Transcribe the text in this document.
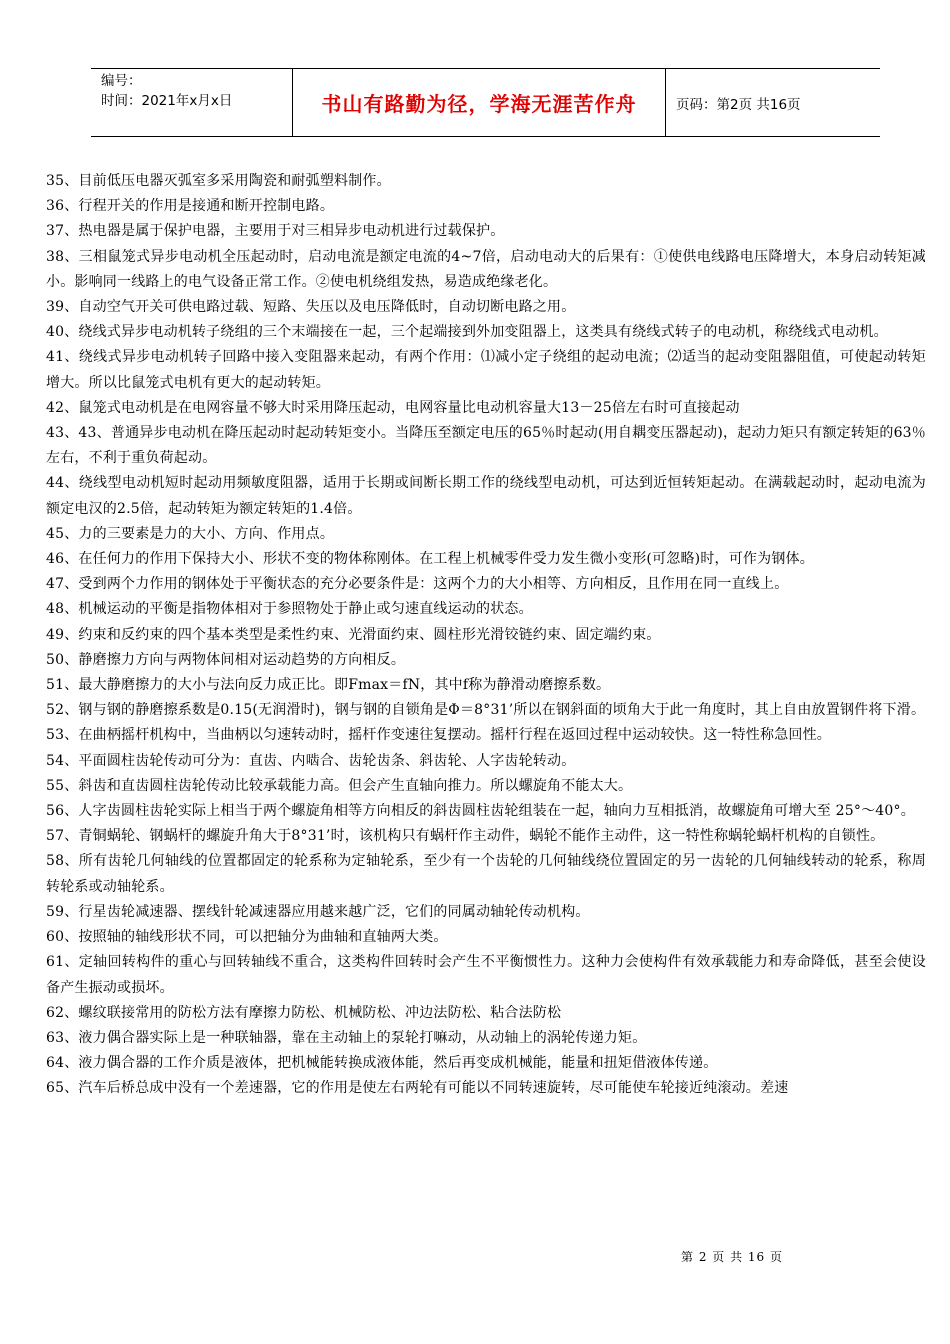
编号：
时间：2021年x月x日	书山有路勤为径，学海无涯苦作舟	页码：第2页 共16页
35、目前低压电器灭弧室多采用陶瓷和耐弧塑料制作。
36、行程开关的作用是接通和断开控制电路。
37、热电器是属于保护电器，主要用于对三相异步电动机进行过载保护。
38、三相鼠笼式异步电动机全压起动时，启动电流是额定电流的4~7倍，启动电动大的后果有：①使供电线路电压降增大，本身启动转矩减小。影响同一线路上的电气设备正常工作。②使电机绕组发热，易造成绝缘老化。
39、自动空气开关可供电路过载、短路、失压以及电压降低时，自动切断电路之用。
40、绕线式异步电动机转子绕组的三个末端接在一起，三个起端接到外加变阻器上，这类具有绕线式转子的电动机，称绕线式电动机。
41、绕线式异步电动机转子回路中接入变阻器来起动，有两个作用：⑴减小定子绕组的起动电流；⑵适当的起动变阻器阻值，可使起动转矩增大。所以比鼠笼式电机有更大的起动转矩。
42、鼠笼式电动机是在电网容量不够大时采用降压起动，电网容量比电动机容量大13－25倍左右时可直接起动
43、43、普通异步电动机在降压起动时起动转矩变小。当降压至额定电压的65％时起动(用自耦变压器起动)，起动力矩只有额定转矩的63％左右，不利于重负荷起动。
44、绕线型电动机短时起动用频敏度阻器，适用于长期或间断长期工作的绕线型电动机，可达到近恒转矩起动。在满载起动时，起动电流为额定电汉的2.5倍，起动转矩为额定转矩的1.4倍。
45、力的三要素是力的大小、方向、作用点。
46、在任何力的作用下保持大小、形状不变的物体称刚体。在工程上机械零件受力发生微小变形(可忽略)时，可作为钢体。
47、受到两个力作用的钢体处于平衡状态的充分必要条件是：这两个力的大小相等、方向相反，且作用在同一直线上。
48、机械运动的平衡是指物体相对于参照物处于静止或匀速直线运动的状态。
49、约束和反约束的四个基本类型是柔性约束、光滑面约束、圆柱形光滑铰链约束、固定端约束。
50、静磨擦力方向与两物体间相对运动趋势的方向相反。
51、最大静磨擦力的大小与法向反力成正比。即Fmax＝fN，其中f称为静滑动磨擦系数。
52、钢与钢的静磨擦系数是0.15(无润滑时)，钢与钢的自锁角是Φ＝8°31’所以在钢斜面的顷角大于此一角度时，其上自由放置钢件将下滑。
53、在曲柄摇杆机构中，当曲柄以匀速转动时，摇杆作变速往复摆动。摇杆行程在返回过程中运动较快。这一特性称急回性。
54、平面圆柱齿轮传动可分为：直齿、内啮合、齿轮齿条、斜齿轮、人字齿轮转动。
55、斜齿和直齿圆柱齿轮传动比较承载能力高。但会产生直轴向推力。所以螺旋角不能太大。
56、人字齿圆柱齿轮实际上相当于两个螺旋角相等方向相反的斜齿圆柱齿轮组装在一起，轴向力互相抵消，故螺旋角可增大至 25°～40°。
57、青铜蜗轮、钢蜗杆的螺旋升角大于8°31’时，该机构只有蜗杆作主动件，蜗轮不能作主动件，这一特性称蜗轮蜗杆机构的自锁性。
58、所有齿轮几何轴线的位置都固定的轮系称为定轴轮系，至少有一个齿轮的几何轴线绕位置固定的另一齿轮的几何轴线转动的轮系，称周转轮系或动轴轮系。
59、行星齿轮减速器、摆线针轮减速器应用越来越广泛，它们的同属动轴轮传动机构。
60、按照轴的轴线形状不同，可以把轴分为曲轴和直轴两大类。
61、定轴回转构件的重心与回转轴线不重合，这类构件回转时会产生不平衡惯性力。这种力会使构件有效承载能力和寿命降低，甚至会使设备产生振动或损坏。
62、螺纹联接常用的防松方法有摩擦力防松、机械防松、冲边法防松、粘合法防松
63、液力偶合器实际上是一种联轴器，靠在主动轴上的泵轮打嘛动，从动轴上的涡轮传递力矩。
64、液力偶合器的工作介质是液体，把机械能转换成液体能，然后再变成机械能，能量和扭矩借液体传递。
65、汽车后桥总成中没有一个差速器，它的作用是使左右两轮有可能以不同转速旋转，尽可能使车轮接近纯滚动。差速
第 2 页 共 16 页
